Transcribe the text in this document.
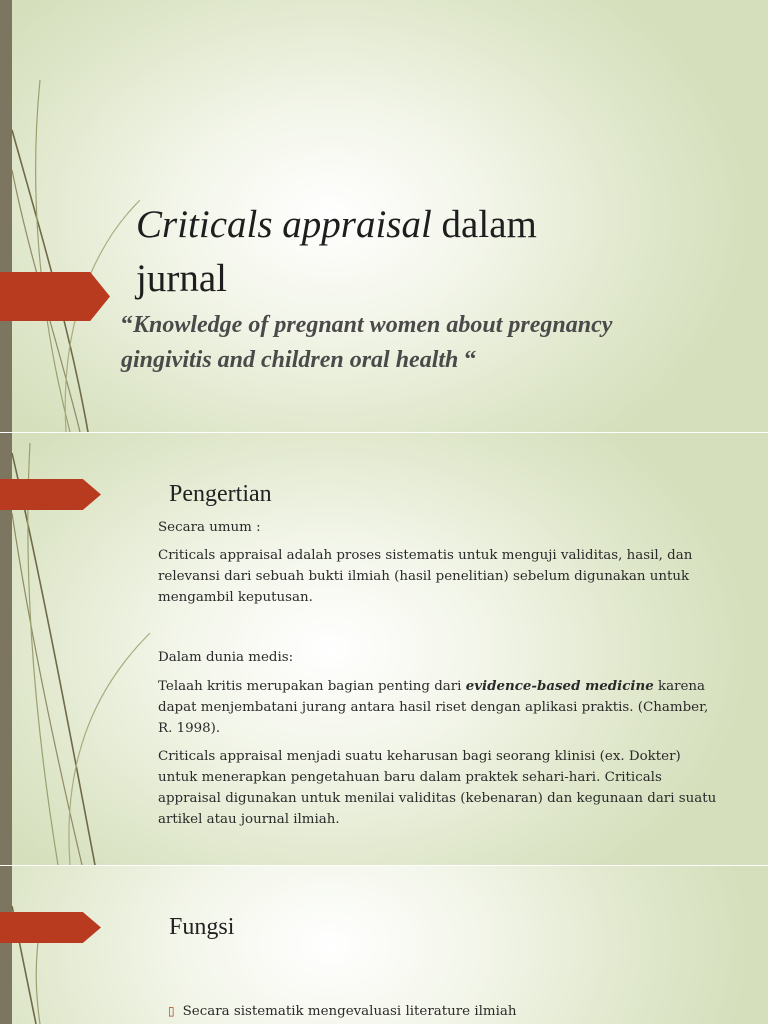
Criticals appraisal dalam
jurnal
“Knowledge of pregnant women about pregnancy
gingivitis and children oral health “
Pengertian
Secara umum :
Criticals appraisal adalah proses sistematis untuk menguji validitas, hasil, dan relevansi dari sebuah bukti ilmiah (hasil penelitian) sebelum digunakan untuk mengambil keputusan.
Dalam dunia medis:
Telaah kritis merupakan bagian penting dari evidence-based medicine karena dapat menjembatani jurang antara hasil riset dengan aplikasi praktis. (Chamber, R. 1998).
Criticals appraisal menjadi suatu keharusan bagi seorang klinisi (ex. Dokter) untuk menerapkan pengetahuan baru dalam praktek sehari-hari. Criticals appraisal digunakan untuk menilai validitas (kebenaran) dan kegunaan dari suatu artikel atau journal ilmiah.
Fungsi
▯ Secara sistematik mengevaluasi literature ilmiah
